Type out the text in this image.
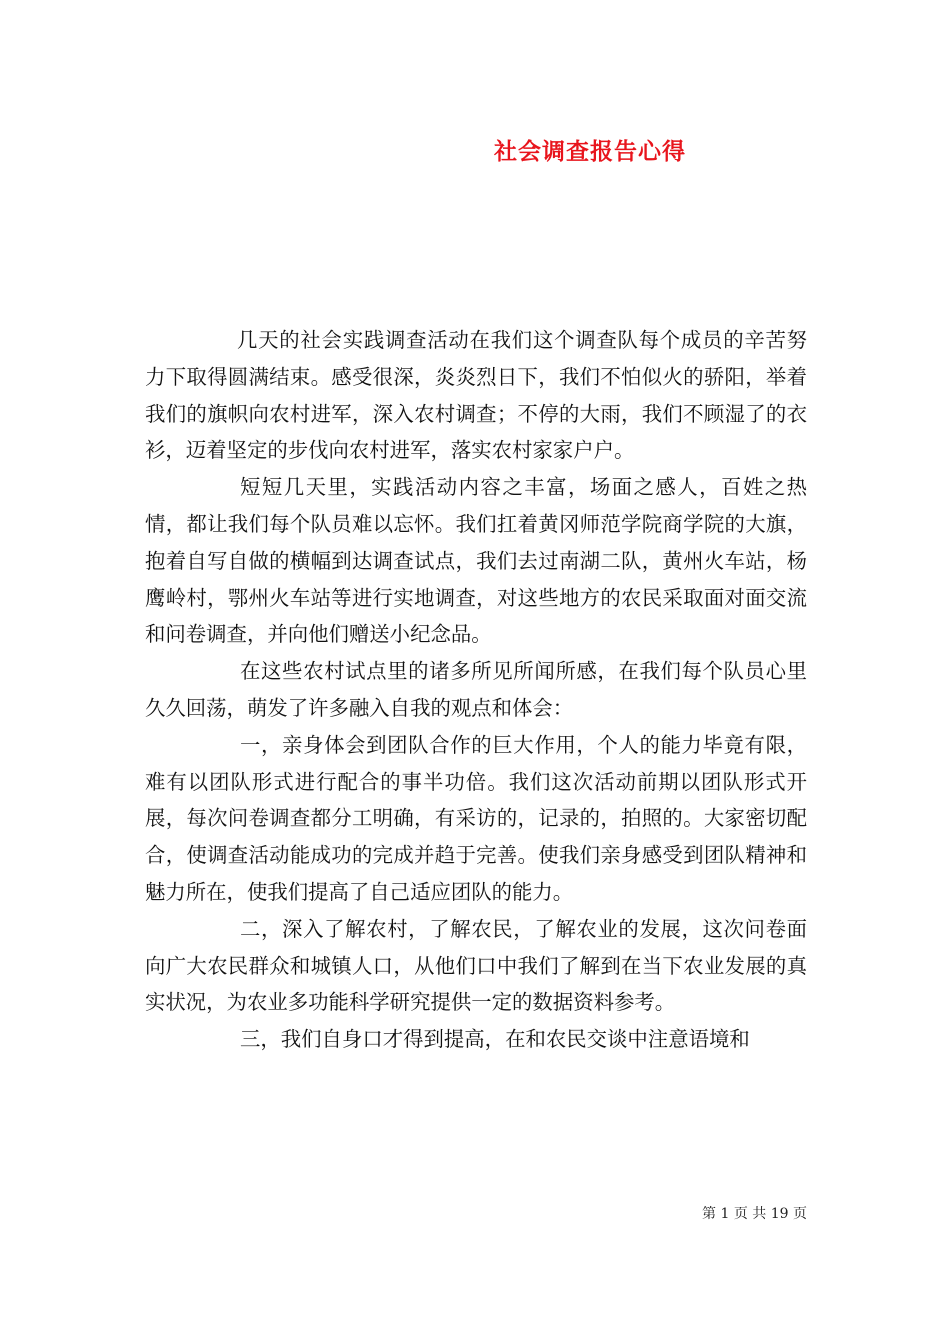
社会调查报告心得

几天的社会实践调查活动在我们这个调查队每个成员的辛苦努力下取得圆满结束。感受很深，炎炎烈日下，我们不怕似火的骄阳，举着我们的旗帜向农村进军，深入农村调查；不停的大雨，我们不顾湿了的衣衫，迈着坚定的步伐向农村进军，落实农村家家户户。

短短几天里，实践活动内容之丰富，场面之感人，百姓之热情，都让我们每个队员难以忘怀。我们扛着黄冈师范学院商学院的大旗，抱着自写自做的横幅到达调查试点，我们去过南湖二队，黄州火车站，杨鹰岭村，鄂州火车站等进行实地调查，对这些地方的农民采取面对面交流和问卷调查，并向他们赠送小纪念品。

在这些农村试点里的诸多所见所闻所感，在我们每个队员心里久久回荡，萌发了许多融入自我的观点和体会：

一，亲身体会到团队合作的巨大作用，个人的能力毕竟有限，难有以团队形式进行配合的事半功倍。我们这次活动前期以团队形式开展，每次问卷调查都分工明确，有采访的，记录的，拍照的。大家密切配合，使调查活动能成功的完成并趋于完善。使我们亲身感受到团队精神和魅力所在，使我们提高了自己适应团队的能力。

二，深入了解农村，了解农民，了解农业的发展，这次问卷面向广大农民群众和城镇人口，从他们口中我们了解到在当下农业发展的真实状况，为农业多功能科学研究提供一定的数据资料参考。

三，我们自身口才得到提高，在和农民交谈中注意语境和

第 1 页 共 19 页
